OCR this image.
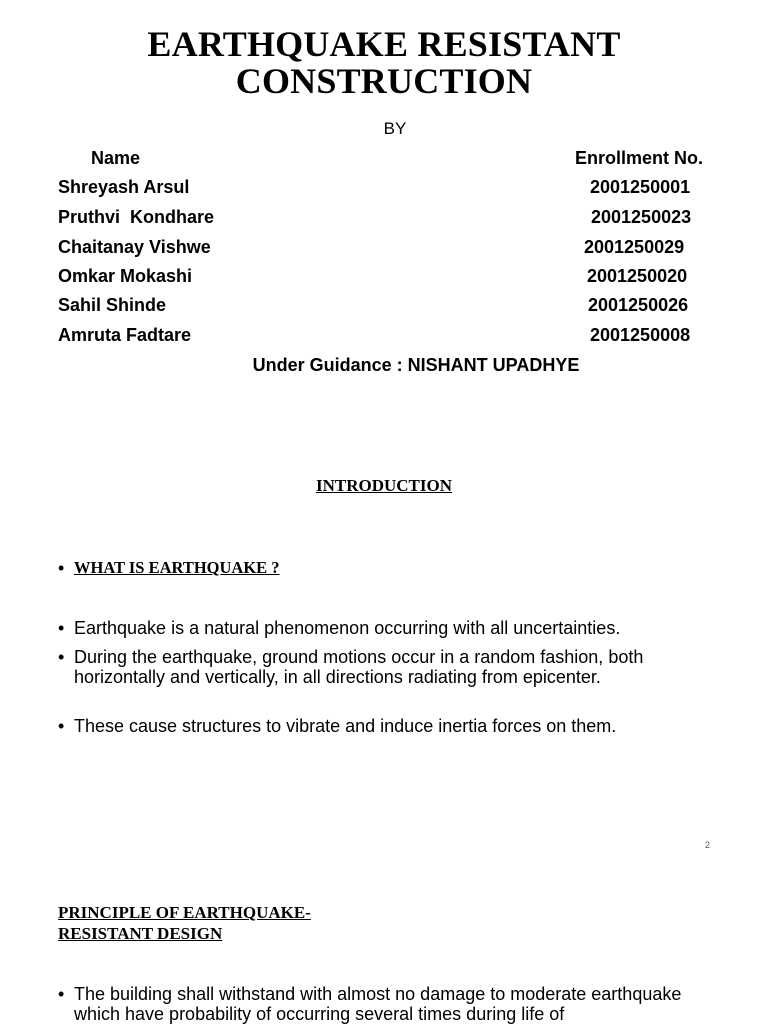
EARTHQUAKE RESISTANT
CONSTRUCTION
BY
Name	Enrollment No.
Shreyash Arsul	2001250001
Pruthvi  Kondhare	2001250023
Chaitanay Vishwe	2001250029
Omkar Mokashi	2001250020
Sahil Shinde	2001250026
Amruta Fadtare	2001250008
Under Guidance : NISHANT UPADHYE
INTRODUCTION
• WHAT IS EARTHQUAKE ?
• Earthquake is a natural phenomenon occurring with all uncertainties.
• During the earthquake, ground motions occur in a random fashion, both horizontally and vertically, in all directions radiating from epicenter.
• These cause structures to vibrate and induce inertia forces on them.
2
PRINCIPLE OF EARTHQUAKE-
RESISTANT DESIGN
• The building shall withstand with almost no damage to moderate earthquake which have probability of occurring several times during life of
